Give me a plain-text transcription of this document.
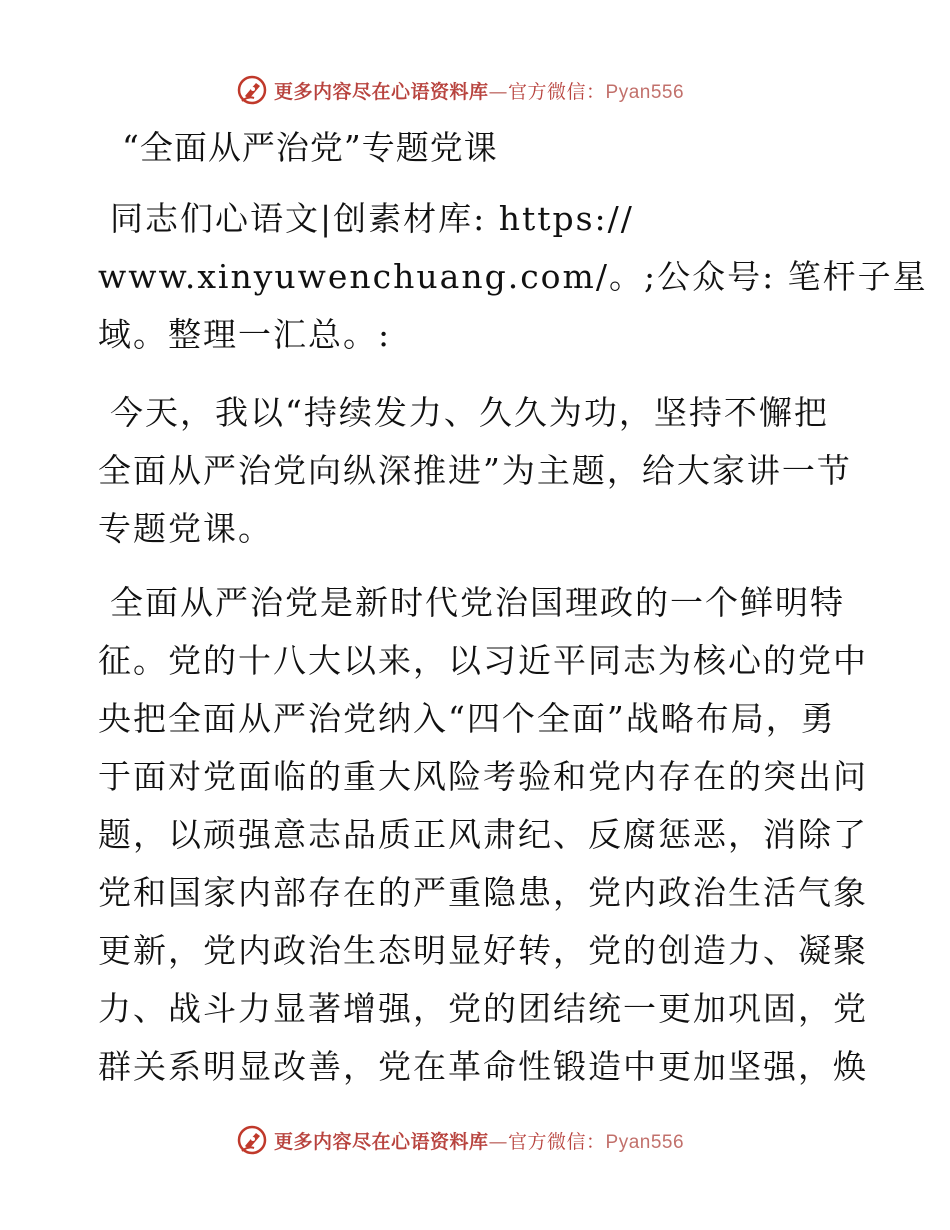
更多内容尽在心语资料库—官方微信：Pyan556
“全面从严治党”专题党课
同志们心语文|创素材库: https://
www.xinyuwenchuang.com/。;公众号: 笔杆子星
域。整理一汇总。:
今天，我以“持续发力、久久为功，坚持不懈把
全面从严治党向纵深推进”为主题，给大家讲一节
专题党课。
全面从严治党是新时代党治国理政的一个鲜明特
征。党的十八大以来，以习近平同志为核心的党中
央把全面从严治党纳入“四个全面”战略布局，勇
于面对党面临的重大风险考验和党内存在的突出问
题，以顽强意志品质正风肃纪、反腐惩恶，消除了
党和国家内部存在的严重隐患，党内政治生活气象
更新，党内政治生态明显好转，党的创造力、凝聚
力、战斗力显著增强，党的团结统一更加巩固，党
群关系明显改善，党在革命性锻造中更加坚强，焕
更多内容尽在心语资料库—官方微信：Pyan556
